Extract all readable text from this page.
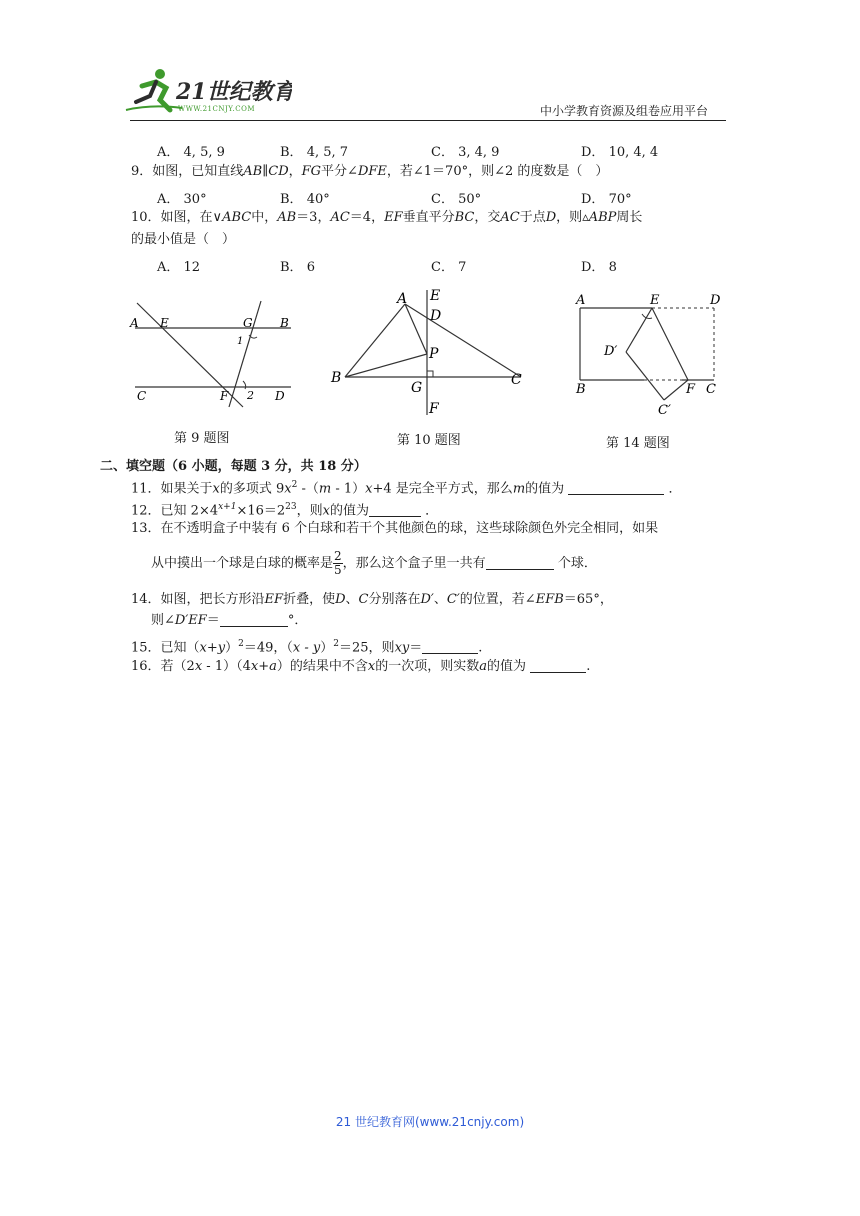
21世纪教育
WWW.21CNJY.COM	中小学教育资源及组卷应用平台
A． 4, 5, 9	B． 4, 5, 7	C． 3, 4, 9	D． 10, 4, 4
9．如图，已知直线AB∥CD，FG平分∠DFE，若∠1＝70°，则∠2 的度数是（　）
A． 30°	B． 40°	C． 50°	D． 70°
10．如图，在∨ABC中，AB＝3，AC＝4，EF垂直平分BC，交AC于点D，则▵ABP周长
的最小值是（　）
A． 12	B． 6	C． 7	D． 8
A E	G B
1
C	F 2 D
第 9 题图
A E
D
P
B
G	C
F
第 10 题图
A	E	D
D′
B	F C
C′
第 14 题图
二、填空题（6 小题，每题 3 分，共 18 分）
11．如果关于x的多项式 $9x^2$ -（m - 1）x+4 是完全平方式，那么m的值为	．
12．已知 $2\times 4^{x+1}\times 16=2^{23}$，则x的值为	．
13．在不透明盒子中装有 6 个白球和若干个其他颜色的球，这些球除颜色外完全相同，如果
从中摸出一个球是白球的概率是 $\frac{2}{5}$ ，那么这个盒子里一共有	个球．
14．如图，把长方形沿EF折叠，使D、C分别落在D′、C′的位置，若∠EFB＝65°，
则∠D′EF＝	°．
15．已知$(x+y)^2=49$，（x - y）$^2$＝25，则xy＝	.
16．若（2x - 1）（4x+a）的结果中不含x的一次项，则实数a的值为	.
21 世纪教育网(www.21cnjy.com)
